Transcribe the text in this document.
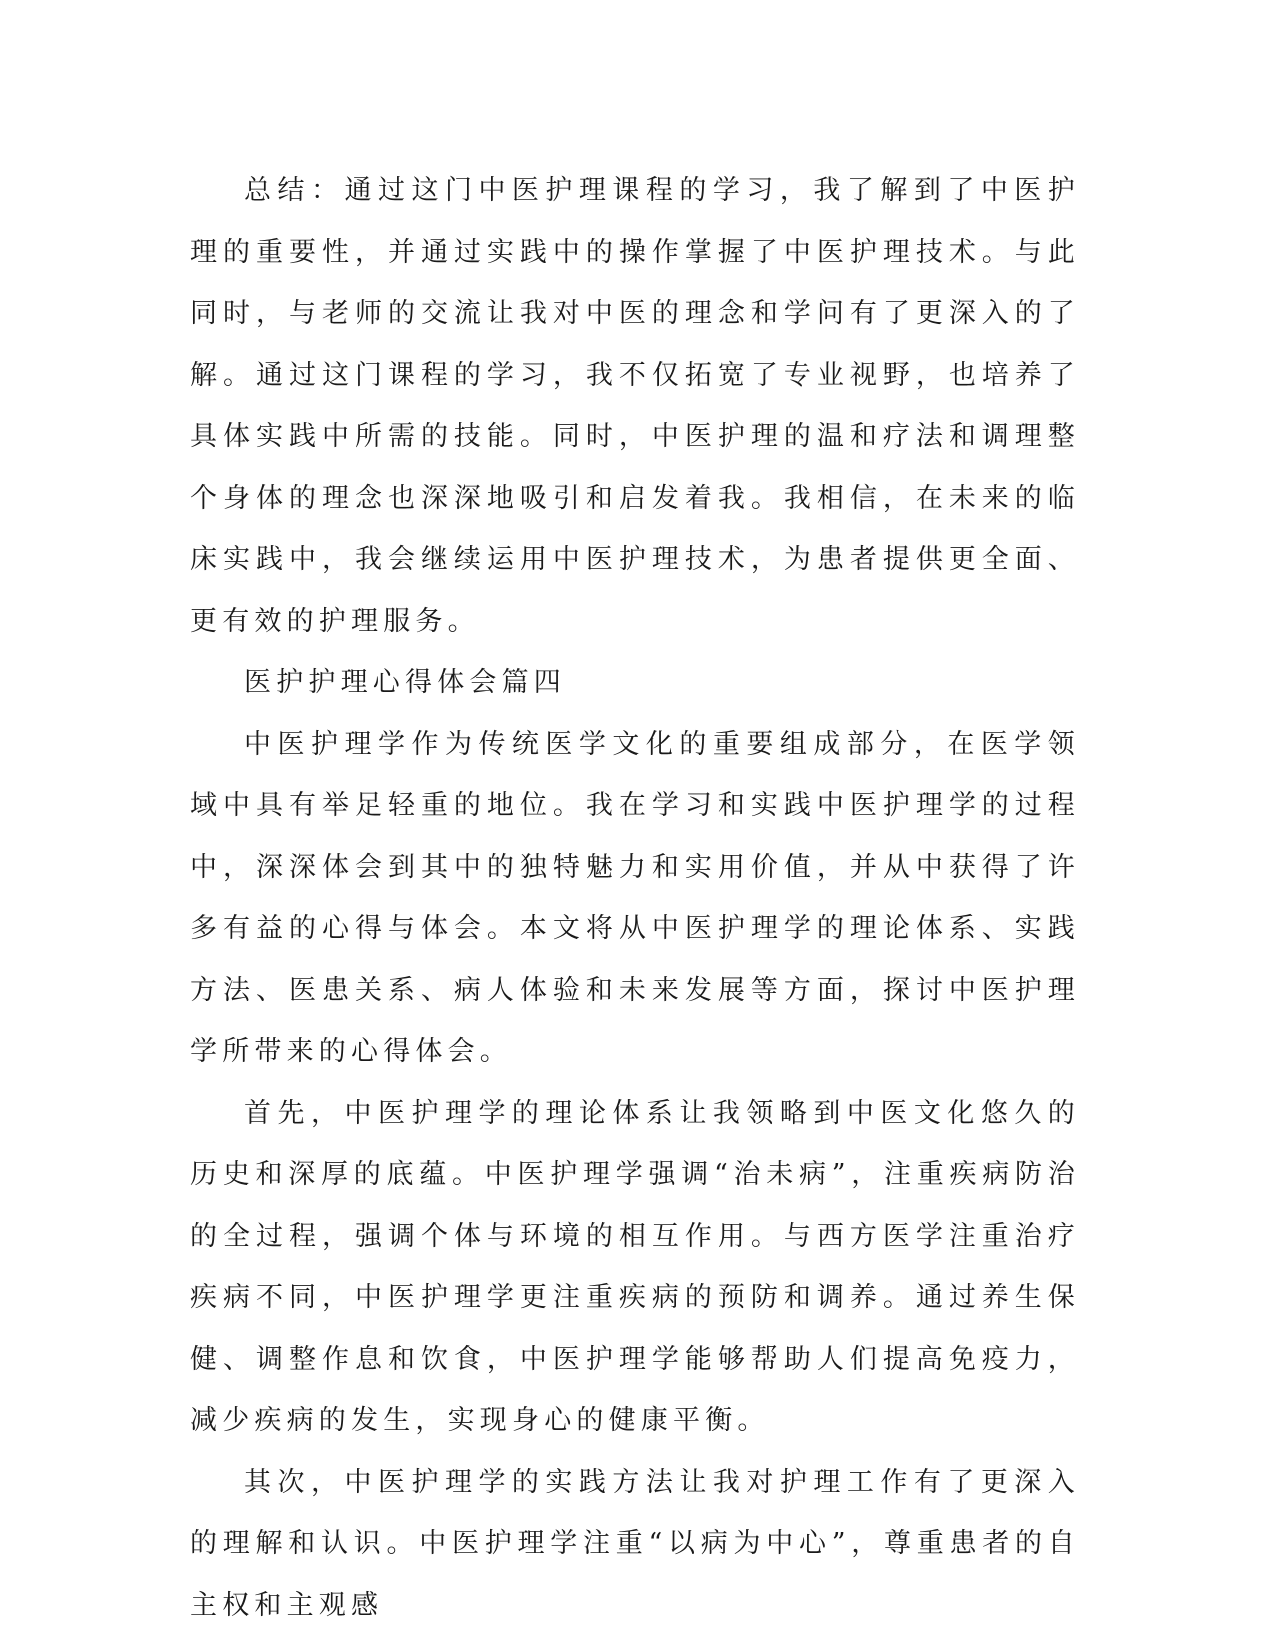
总结：通过这门中医护理课程的学习，我了解到了中医护理的重要性，并通过实践中的操作掌握了中医护理技术。与此同时，与老师的交流让我对中医的理念和学问有了更深入的了解。通过这门课程的学习，我不仅拓宽了专业视野，也培养了具体实践中所需的技能。同时，中医护理的温和疗法和调理整个身体的理念也深深地吸引和启发着我。我相信，在未来的临床实践中，我会继续运用中医护理技术，为患者提供更全面、更有效的护理服务。

医护护理心得体会篇四

中医护理学作为传统医学文化的重要组成部分，在医学领域中具有举足轻重的地位。我在学习和实践中医护理学的过程中，深深体会到其中的独特魅力和实用价值，并从中获得了许多有益的心得与体会。本文将从中医护理学的理论体系、实践方法、医患关系、病人体验和未来发展等方面，探讨中医护理学所带来的心得体会。

首先，中医护理学的理论体系让我领略到中医文化悠久的历史和深厚的底蕴。中医护理学强调“治未病”，注重疾病防治的全过程，强调个体与环境的相互作用。与西方医学注重治疗疾病不同，中医护理学更注重疾病的预防和调养。通过养生保健、调整作息和饮食，中医护理学能够帮助人们提高免疫力，减少疾病的发生，实现身心的健康平衡。

其次，中医护理学的实践方法让我对护理工作有了更深入的理解和认识。中医护理学注重“以病为中心”，尊重患者的自主权和主观感
